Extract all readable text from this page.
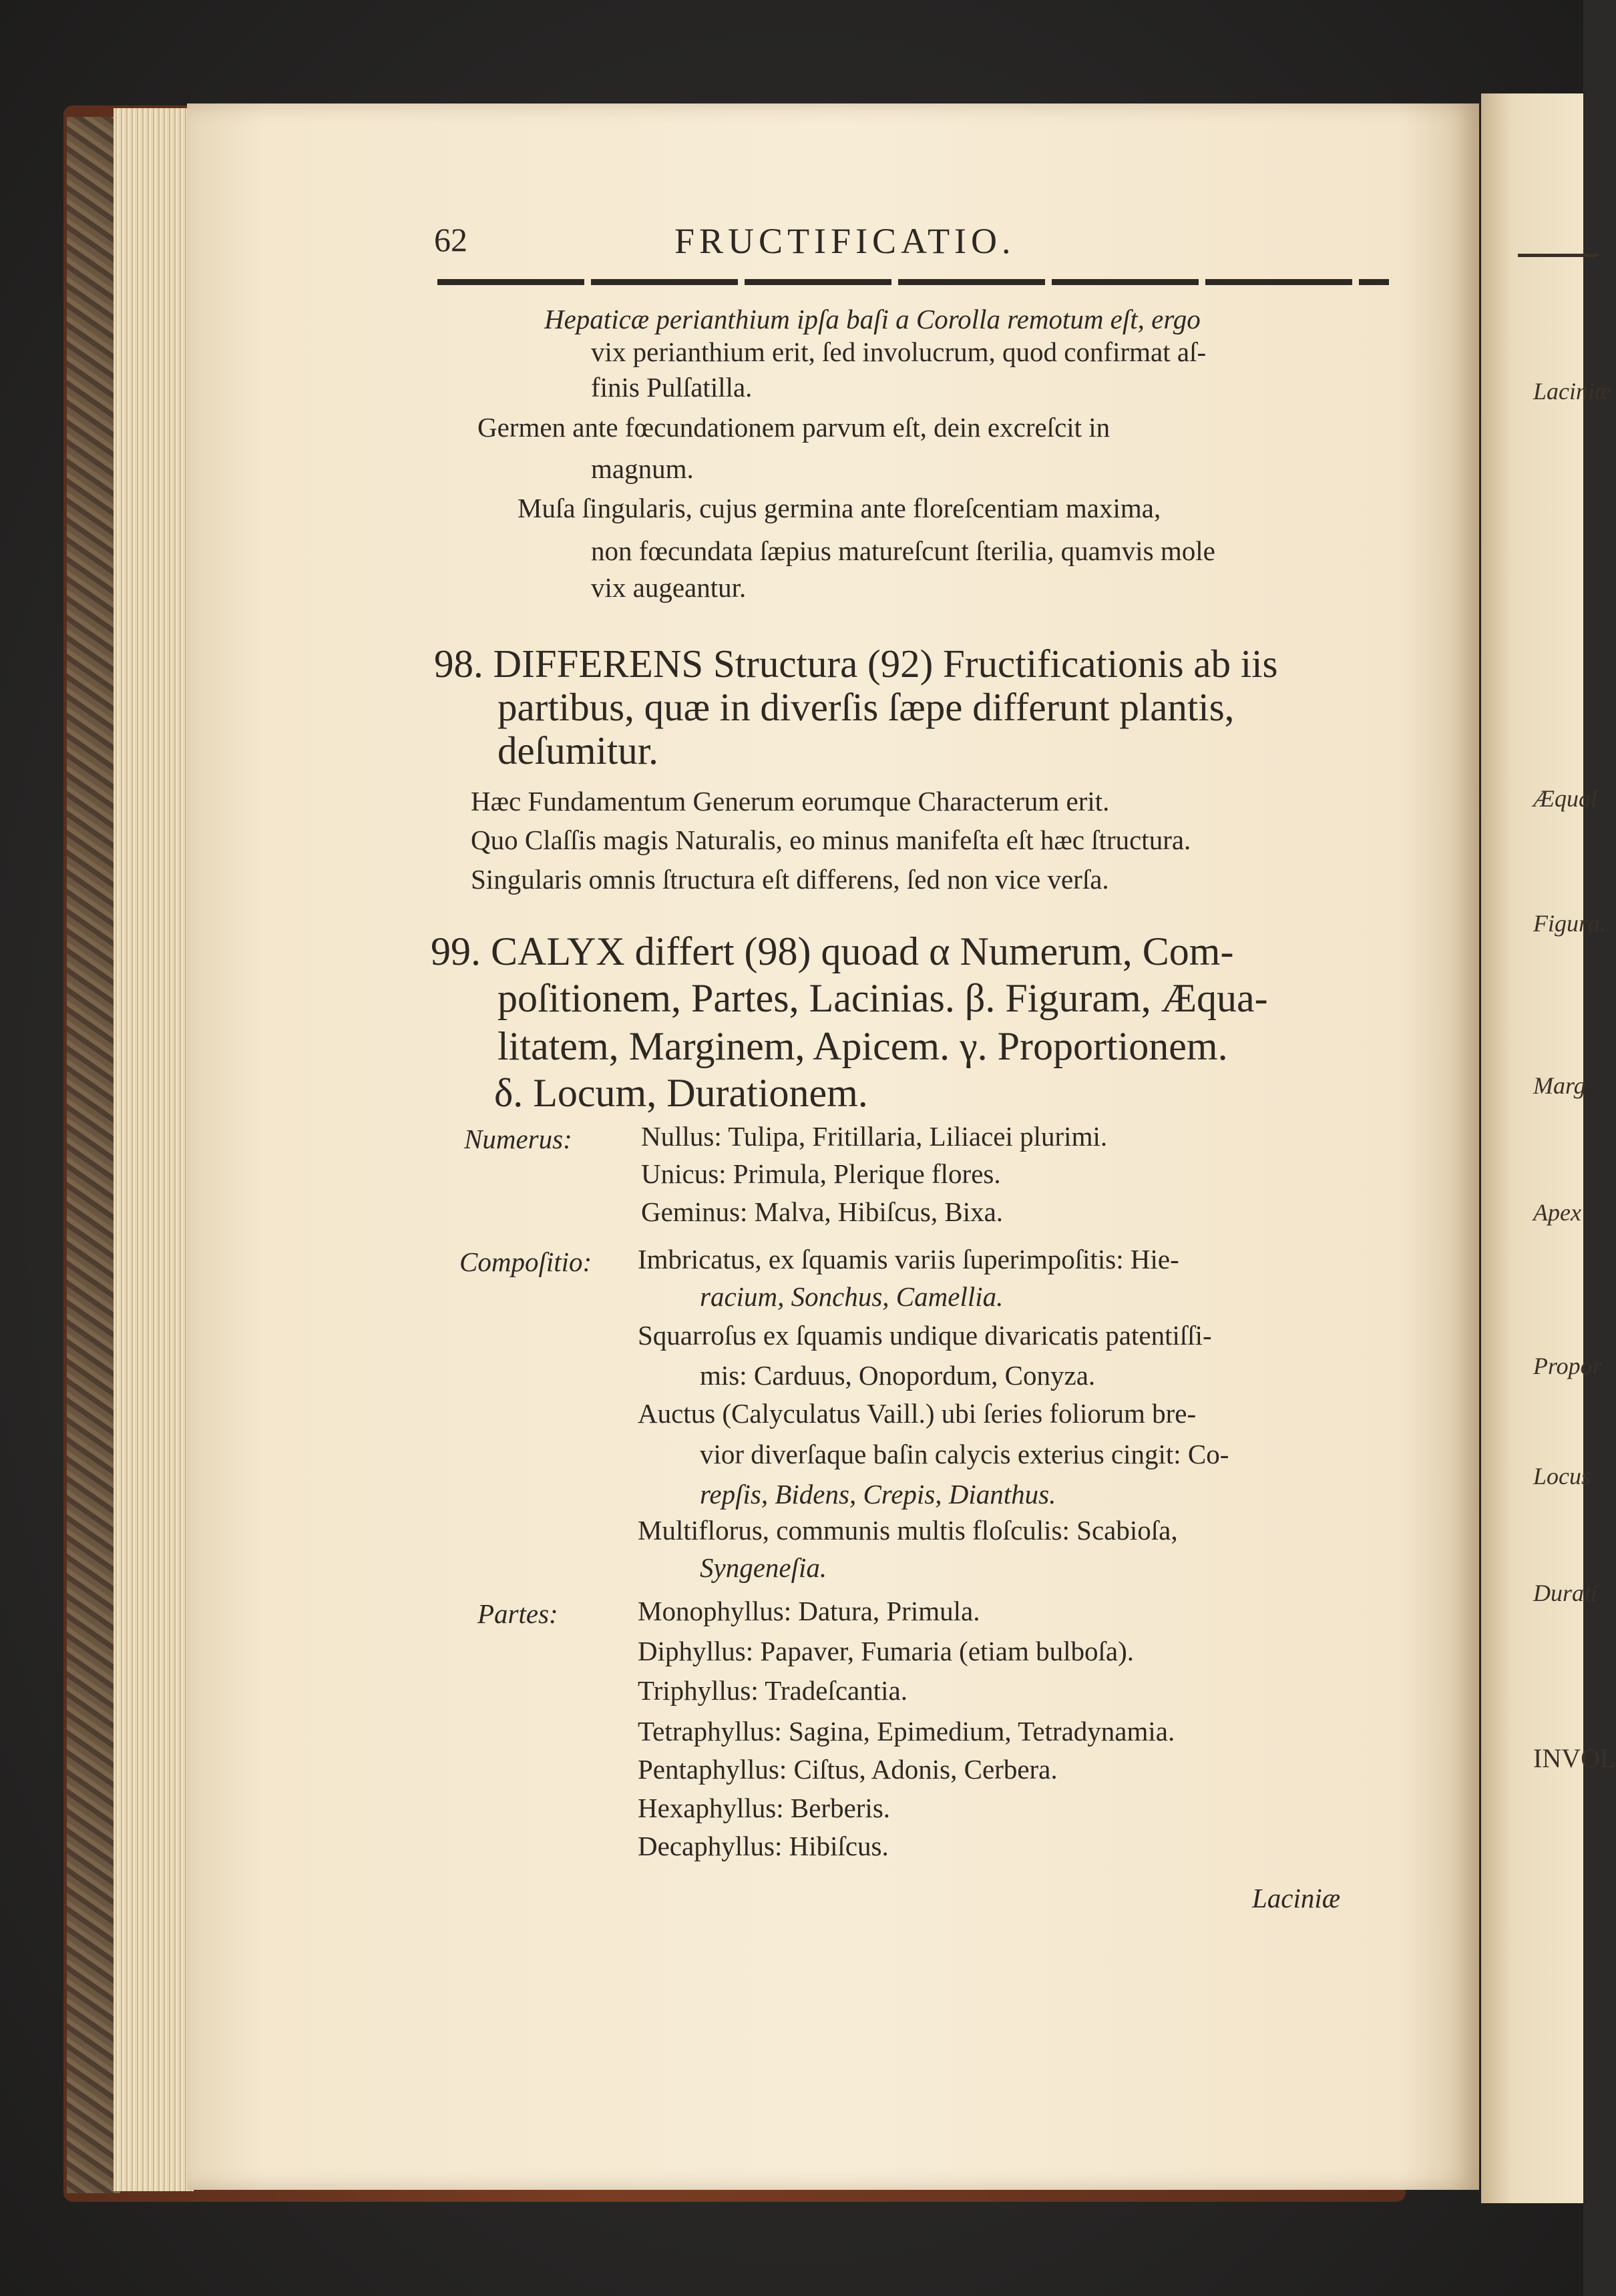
Laciniæ
Æqual
Figura.
Marg
Apex
Propor
Locus
Durati
INVOL
62	FRUCTIFICATIO.
Hepaticæ perianthium ipſa baſi a Corolla remotum eſt, ergo
vix perianthium erit, ſed involucrum, quod confirmat aſ-
finis Pulſatilla.
Germen ante fœcundationem parvum eſt, dein excreſcit in
magnum.
Muſa ſingularis, cujus germina ante floreſcentiam maxima,
non fœcundata ſæpius matureſcunt ſterilia, quamvis mole
vix augeantur.
98. DIFFERENS Structura (92) Fructificationis ab iis
partibus, quæ in diverſis ſæpe differunt plantis,
deſumitur.
Hæc Fundamentum Generum eorumque Characterum erit.
Quo Claſſis magis Naturalis, eo minus manifeſta eſt hæc ſtructura.
Singularis omnis ſtructura eſt differens, ſed non vice verſa.
99. CALYX differt (98) quoad α Numerum, Com-
poſitionem, Partes, Lacinias. β. Figuram, Æqua-
litatem, Marginem, Apicem. γ. Proportionem.
δ. Locum, Durationem.
Numerus:	Nullus: Tulipa, Fritillaria, Liliacei plurimi.
Unicus: Primula, Plerique flores.
Geminus: Malva, Hibiſcus, Bixa.
Compoſitio: Imbricatus, ex ſquamis variis ſuperimpoſitis: Hie-
racium, Sonchus, Camellia.
Squarroſus ex ſquamis undique divaricatis patentiſſi-
mis: Carduus, Onopordum, Conyza.
Auctus (Calyculatus Vaill.) ubi ſeries foliorum bre-
vior diverſaque baſin calycis exterius cingit: Co-
repſis, Bidens, Crepis, Dianthus.
Multiflorus, communis multis floſculis: Scabioſa,
Syngeneſia.
Partes:	Monophyllus: Datura, Primula.
Diphyllus: Papaver, Fumaria (etiam bulboſa).
Triphyllus: Tradeſcantia.
Tetraphyllus: Sagina, Epimedium, Tetradynamia.
Pentaphyllus: Ciſtus, Adonis, Cerbera.
Hexaphyllus: Berberis.
Decaphyllus: Hibiſcus.
Laciniæ
